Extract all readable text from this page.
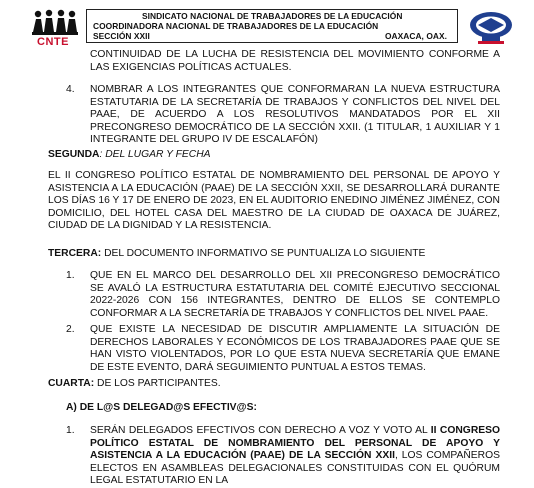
CNTE
SINDICATO NACIONAL DE TRABAJADORES DE LA EDUCACIÓN
COORDINADORA NACIONAL DE TRABAJADORES DE LA EDUCACIÓN
SECCIÓN XXII	OAXACA, OAX.
CONTINUIDAD DE LA LUCHA DE RESISTENCIA DEL MOVIMIENTO CONFORME A LAS EXIGENCIAS POLÍTICAS ACTUALES.
4. NOMBRAR A LOS INTEGRANTES QUE CONFORMARAN LA NUEVA ESTRUCTURA ESTATUTARIA DE LA SECRETARÍA DE TRABAJOS Y CONFLICTOS DEL NIVEL DEL PAAE, DE ACUERDO A LOS RESOLUTIVOS MANDATADOS POR EL XII PRECONGRESO DEMOCRÁTICO DE LA SECCIÓN XXII. (1 TITULAR, 1 AUXILIAR Y 1 INTEGRANTE DEL GRUPO IV DE ESCALAFÓN)
SEGUNDA: DEL LUGAR Y FECHA
EL II CONGRESO POLÍTICO ESTATAL DE NOMBRAMIENTO DEL PERSONAL DE APOYO Y ASISTENCIA A LA EDUCACIÓN (PAAE) DE LA SECCIÓN XXII, SE DESARROLLARÁ DURANTE LOS DÍAS 16 Y 17 DE ENERO DE 2023, EN EL AUDITORIO ENEDINO JIMÉNEZ JIMÉNEZ, CON DOMICILIO, DEL HOTEL CASA DEL MAESTRO DE LA CIUDAD DE OAXACA DE JUÁREZ, CIUDAD DE LA DIGNIDAD Y LA RESISTENCIA.
TERCERA: DEL DOCUMENTO INFORMATIVO SE PUNTUALIZA LO SIGUIENTE
1. QUE EN EL MARCO DEL DESARROLLO DEL XII PRECONGRESO DEMOCRÁTICO SE AVALÓ LA ESTRUCTURA ESTATUTARIA DEL COMITÉ EJECUTIVO SECCIONAL 2022-2026 CON 156 INTEGRANTES, DENTRO DE ELLOS SE CONTEMPLO CONFORMAR A LA SECRETARÍA DE TRABAJOS Y CONFLICTOS DEL NIVEL PAAE.
2. QUE EXISTE LA NECESIDAD DE DISCUTIR AMPLIAMENTE LA SITUACIÓN DE DERECHOS LABORALES Y ECONÓMICOS DE LOS TRABAJADORES PAAE QUE SE HAN VISTO VIOLENTADOS, POR LO QUE ESTA NUEVA SECRETARÍA QUE EMANE DE ESTE EVENTO, DARÁ SEGUIMIENTO PUNTUAL A ESTOS TEMAS.
CUARTA: DE LOS PARTICIPANTES.
A) DE L@S DELEGAD@S EFECTIV@S:
1. SERÁN DELEGADOS EFECTIVOS CON DERECHO A VOZ Y VOTO AL II CONGRESO POLÍTICO ESTATAL DE NOMBRAMIENTO DEL PERSONAL DE APOYO Y ASISTENCIA A LA EDUCACIÓN (PAAE) DE LA SECCIÓN XXII, LOS COMPAÑEROS ELECTOS EN ASAMBLEAS DELEGACIONALES CONSTITUIDAS CON EL QUÓRUM LEGAL ESTATUTARIO EN LA
